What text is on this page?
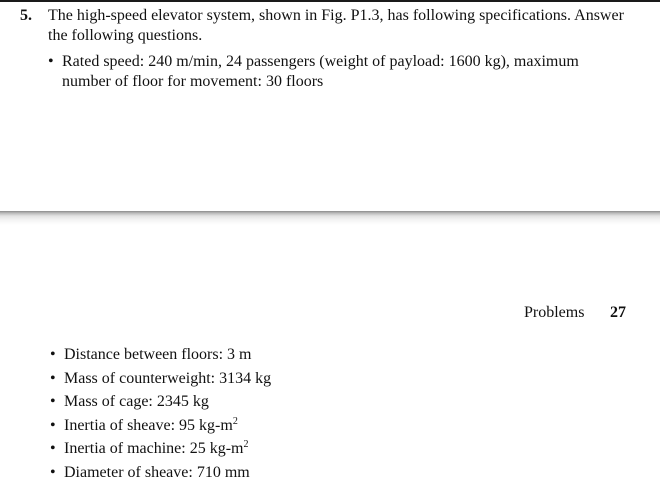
5. The high-speed elevator system, shown in Fig. P1.3, has following specifications. Answer the following questions.
• Rated speed: 240 m/min, 24 passengers (weight of payload: 1600 kg), maximum number of floor for movement: 30 floors
Problems 27
• Distance between floors: 3 m
• Mass of counterweight: 3134 kg
• Mass of cage: 2345 kg
• Inertia of sheave: 95 $kg-m^2$
• Inertia of machine: 25 $kg-m^2$
• Diameter of sheave: 710 mm
